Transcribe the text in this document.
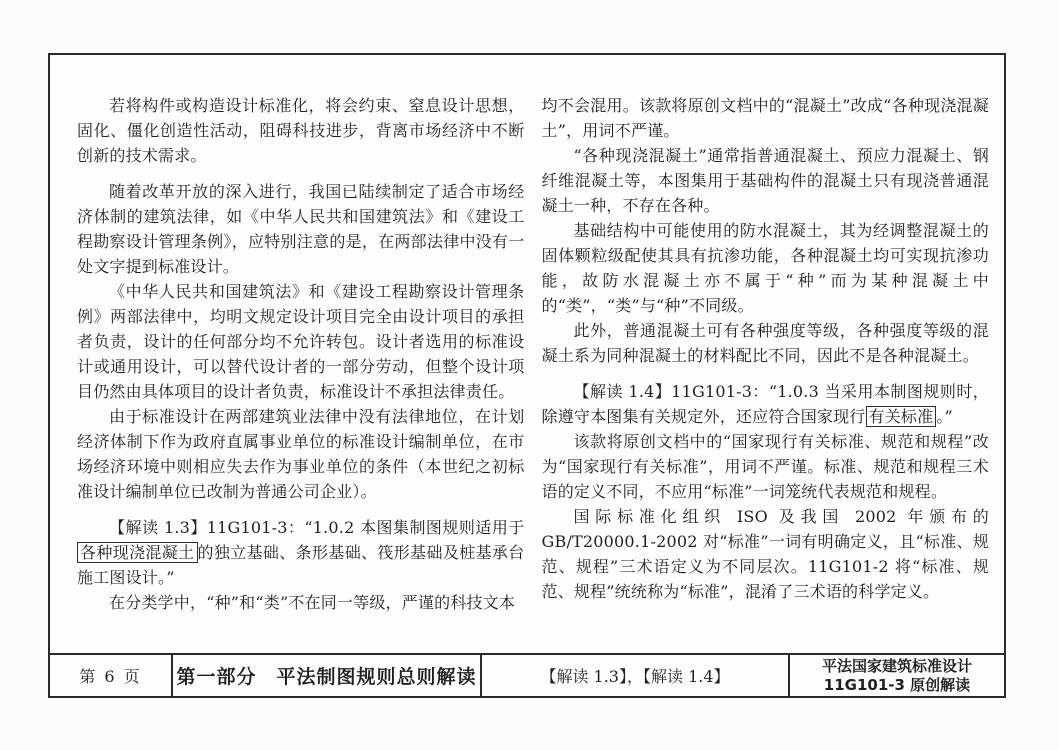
若将构件或构造设计标准化，将会约束、窒息设计思想，固化、僵化创造性活动，阻碍科技进步，背离市场经济中不断创新的技术需求。

随着改革开放的深入进行，我国已陆续制定了适合市场经济体制的建筑法律，如《中华人民共和国建筑法》和《建设工程勘察设计管理条例》，应特别注意的是，在两部法律中没有一处文字提到标准设计。

《中华人民共和国建筑法》和《建设工程勘察设计管理条例》两部法律中，均明文规定设计项目完全由设计项目的承担者负责，设计的任何部分均不允许转包。设计者选用的标准设计或通用设计，可以替代设计者的一部分劳动，但整个设计项目仍然由具体项目的设计者负责，标准设计不承担法律责任。

由于标准设计在两部建筑业法律中没有法律地位，在计划经济体制下作为政府直属事业单位的标准设计编制单位，在市场经济环境中则相应失去作为事业单位的条件（本世纪之初标准设计编制单位已改制为普通公司企业）。

【解读 1.3】11G101-3：“1.0.2 本图集制图规则适用于各种现浇混凝土 的独立基础、条形基础、筏形基础及桩基承台施工图设计。”

在分类学中，“种”和“类”不在同一等级，严谨的科技文本

均不会混用。该款将原创文档中的“混凝土”改成“各种现浇混凝土”，用词不严谨。

“各种现浇混凝土”通常指普通混凝土、预应力混凝土、钢纤维混凝土等，本图集用于基础构件的混凝土只有现浇普通混凝土一种，不存在各种。

基础结构中可能使用的防水混凝土，其为经调整混凝土的固体颗粒级配使其具有抗渗功能，各种混凝土均可实现抗渗功能，故防水混凝土亦不属于“种”而为某种混凝土中的“类”，“类”与“种”不同级。

此外，普通混凝土可有各种强度等级，各种强度等级的混凝土系为同种混凝土的材料配比不同，因此不是各种混凝土。

【解读 1.4】11G101-3：“1.0.3 当采用本制图规则时，除遵守本图集有关规定外，还应符合国家现行 有关标准 。”

该款将原创文档中的“国家现行有关标准、规范和规程”改为“国家现行有关标准”，用词不严谨。标准、规范和规程三术语的定义不同，不应用“标准”一词笼统代表规范和规程。

国际标准化组织 ISO 及我国 2002 年颁布的 GB/T20000.1-2002 对“标准”一词有明确定义，且“标准、规范、规程”三术语定义为不同层次。11G101-2 将“标准、规范、规程”统统称为“标准”，混淆了三术语的科学定义。

第 6 页	第一部分　平法制图规则总则解读	【解读 1.3】，【解读 1.4】
平法国家建筑标准设计
11G101-3 原创解读
